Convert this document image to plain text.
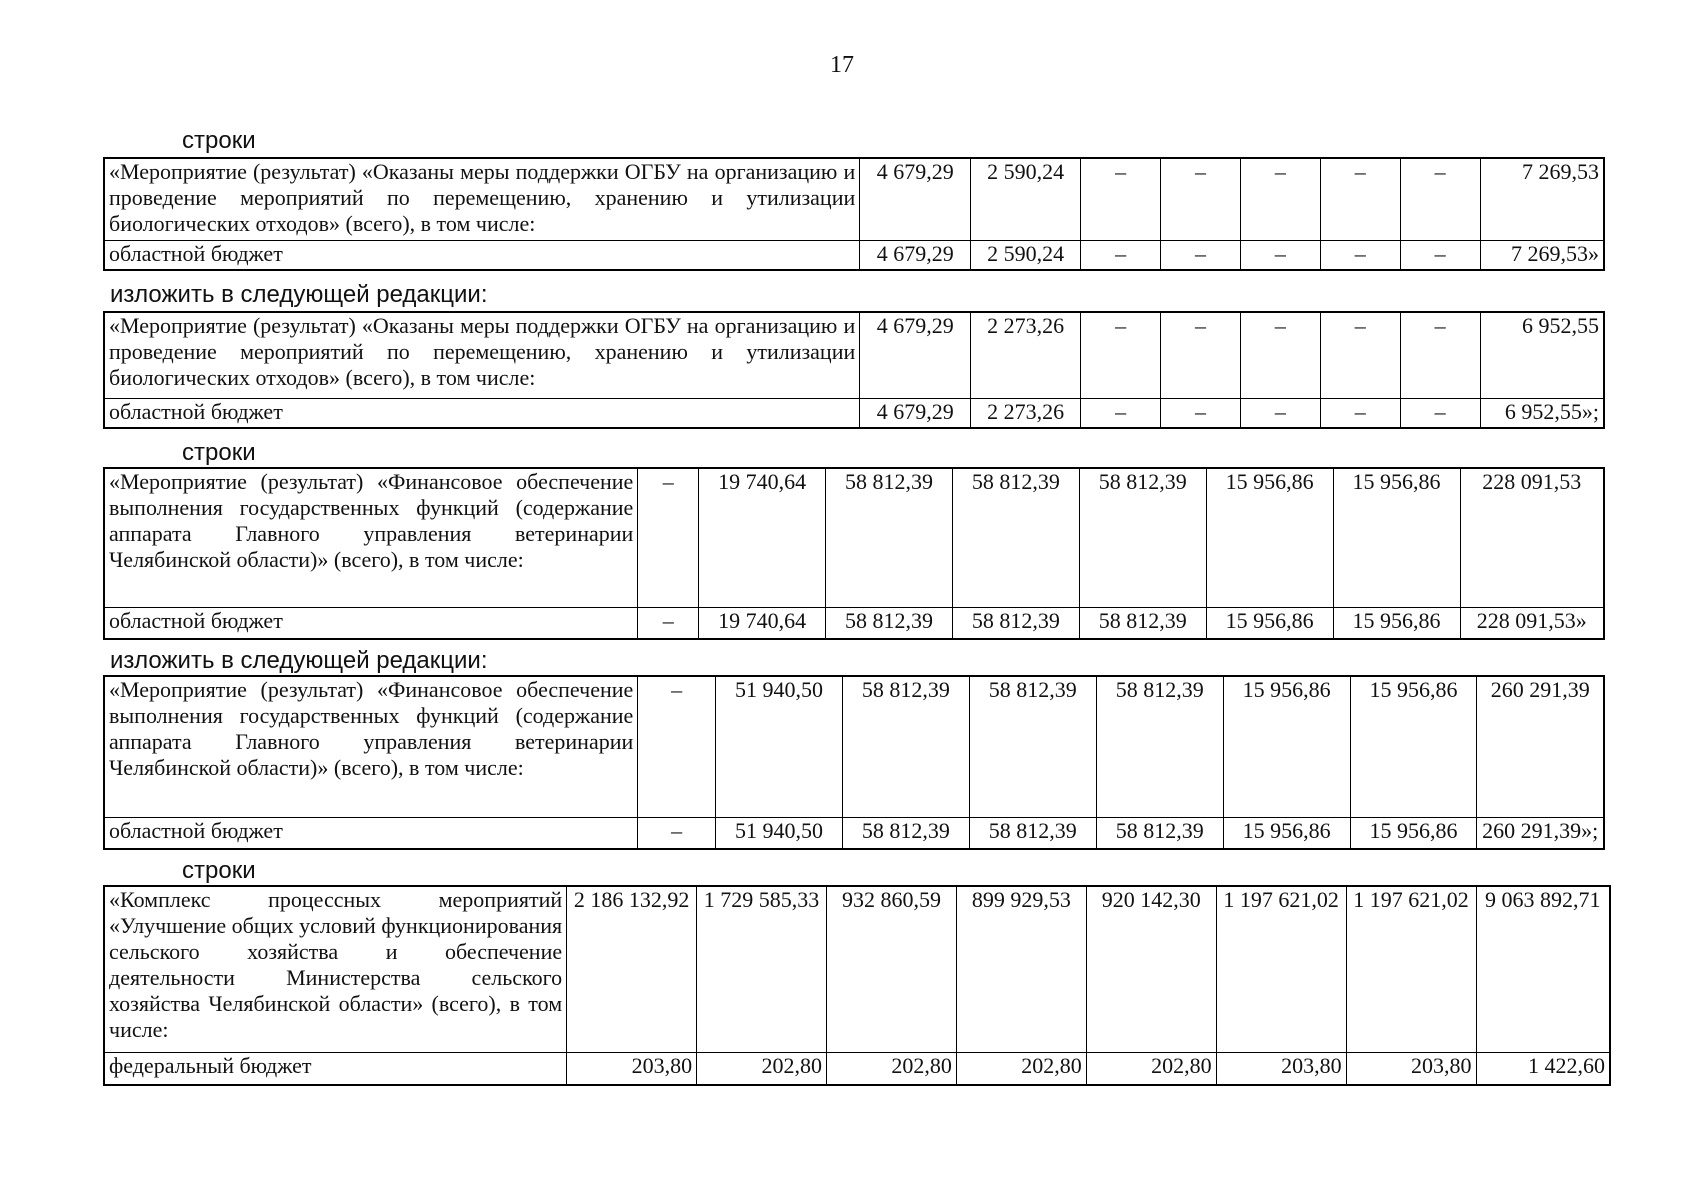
17
строки
«Мероприятие (результат) «Оказаны меры поддержки ОГБУ на организацию и проведение мероприятий по перемещению, хранению и утилизации биологических отходов» (всего), в том числе:	4 679,29	2 590,24	–	–	–	–	–	7 269,53
областной бюджет	4 679,29	2 590,24	–	–	–	–	–	7 269,53»
изложить в следующей редакции:
«Мероприятие (результат) «Оказаны меры поддержки ОГБУ на организацию и проведение мероприятий по перемещению, хранению и утилизации биологических отходов» (всего), в том числе:	4 679,29	2 273,26	–	–	–	–	–	6 952,55
областной бюджет	4 679,29	2 273,26	–	–	–	–	–	6 952,55»;
строки
«Мероприятие (результат) «Финансовое обеспечение выполнения государственных функций (содержание аппарата Главного управления ветеринарии Челябинской области)» (всего), в том числе:	–	19 740,64	58 812,39	58 812,39	58 812,39	15 956,86	15 956,86	228 091,53
областной бюджет	–	19 740,64	58 812,39	58 812,39	58 812,39	15 956,86	15 956,86	228 091,53»
изложить в следующей редакции:
«Мероприятие (результат) «Финансовое обеспечение выполнения государственных функций (содержание аппарата Главного управления ветеринарии Челябинской области)» (всего), в том числе:	–	51 940,50	58 812,39	58 812,39	58 812,39	15 956,86	15 956,86	260 291,39
областной бюджет	–	51 940,50	58 812,39	58 812,39	58 812,39	15 956,86	15 956,86	260 291,39»;
строки
«Комплекс процессных мероприятий «Улучшение общих условий функционирования сельского хозяйства и обеспечение деятельности Министерства сельского хозяйства Челябинской области» (всего), в том числе:	2 186 132,92	1 729 585,33	932 860,59	899 929,53	920 142,30	1 197 621,02	1 197 621,02	9 063 892,71
федеральный бюджет	203,80	202,80	202,80	202,80	202,80	203,80	203,80	1 422,60
